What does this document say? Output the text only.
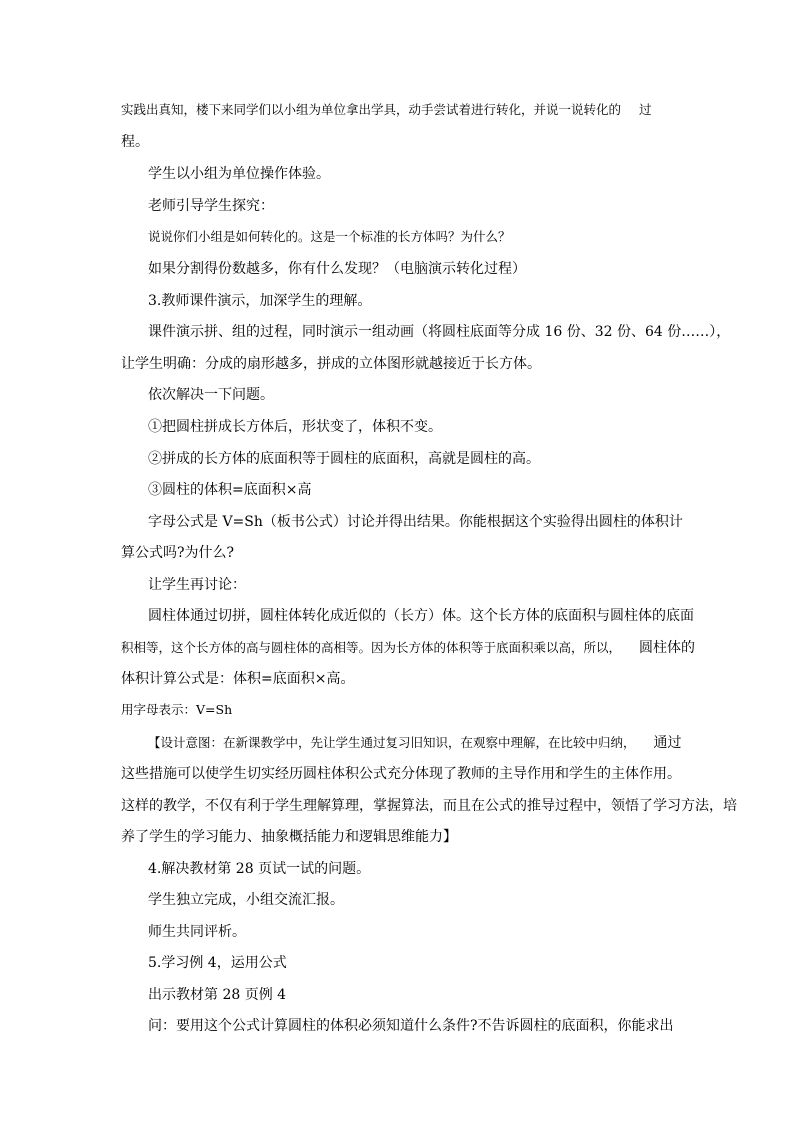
实践出真知，楼下来同学们以小组为单位拿出学具，动手尝试着进行转化，并说一说转化的 过
程。
学生以小组为单位操作体验。
老师引导学生探究：
说说你们小组是如何转化的。这是一个标准的长方体吗？为什么？
如果分割得份数越多，你有什么发现？（电脑演示转化过程）
3.教师课件演示，加深学生的理解。
课件演示拼、组的过程，同时演示一组动画（将圆柱底面等分成 16 份、32 份、64 份……），
让学生明确：分成的扇形越多，拼成的立体图形就越接近于长方体。
依次解决一下问题。
①把圆柱拼成长方体后，形状变了，体积不变。
②拼成的长方体的底面积等于圆柱的底面积，高就是圆柱的高。
③圆柱的体积=底面积×高
字母公式是 V=Sh（板书公式）讨论并得出结果。你能根据这个实验得出圆柱的体积计
算公式吗?为什么?
让学生再讨论：
圆柱体通过切拼，圆柱体转化成近似的（长方）体。这个长方体的底面积与圆柱体的底面
积相等，这个长方体的高与圆柱体的高相等。因为长方体的体积等于底面积乘以高，所以， 圆柱体的
体积计算公式是：体积=底面积×高。
用字母表示：V=Sh
【设计意图：在新课教学中，先让学生通过复习旧知识，在观察中理解，在比较中归纳， 通过
这些措施可以使学生切实经历圆柱体积公式充分体现了教师的主导作用和学生的主体作用。
这样的教学，不仅有利于学生理解算理，掌握算法，而且在公式的推导过程中，领悟了学习方法，培
养了学生的学习能力、抽象概括能力和逻辑思维能力】
4.解决教材第 28 页试一试的问题。
学生独立完成，小组交流汇报。
师生共同评析。
5.学习例 4，运用公式
出示教材第 28 页例 4
问：要用这个公式计算圆柱的体积必须知道什么条件?不告诉圆柱的底面积，你能求出
